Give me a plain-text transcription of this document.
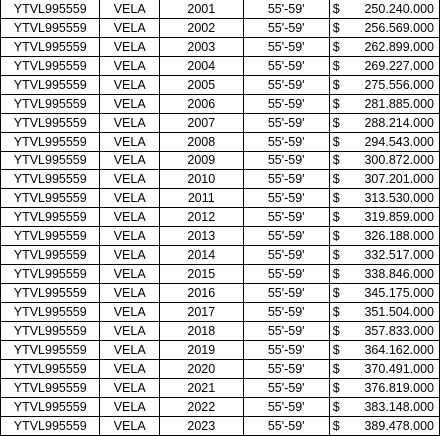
YTVL995559	VELA	2001	55'-59'	$ 250.240.000

YTVL995559	VELA	2002	55'-59'	$ 256.569.000

YTVL995559	VELA	2003	55'-59'	$ 262.899.000

YTVL995559	VELA	2004	55'-59'	$ 269.227.000

YTVL995559	VELA	2005	55'-59'	$ 275.556.000

YTVL995559	VELA	2006	55'-59'	$ 281.885.000

YTVL995559	VELA	2007	55'-59'	$ 288.214.000

YTVL995559	VELA	2008	55'-59'	$ 294.543.000

YTVL995559	VELA	2009	55'-59'	$ 300.872.000

YTVL995559	VELA	2010	55'-59'	$ 307.201.000

YTVL995559	VELA	2011	55'-59'	$ 313.530.000

YTVL995559	VELA	2012	55'-59'	$ 319.859.000

YTVL995559	VELA	2013	55'-59'	$ 326.188.000

YTVL995559	VELA	2014	55'-59'	$ 332.517.000

YTVL995559	VELA	2015	55'-59'	$ 338.846.000

YTVL995559	VELA	2016	55'-59'	$ 345.175.000

YTVL995559	VELA	2017	55'-59'	$ 351.504.000

YTVL995559	VELA	2018	55'-59'	$ 357.833.000

YTVL995559	VELA	2019	55'-59'	$ 364.162.000

YTVL995559	VELA	2020	55'-59'	$ 370.491.000

YTVL995559	VELA	2021	55'-59'	$ 376.819.000

YTVL995559	VELA	2022	55'-59'	$ 383.148.000

YTVL995559	VELA	2023	55'-59'	$ 389.478.000
